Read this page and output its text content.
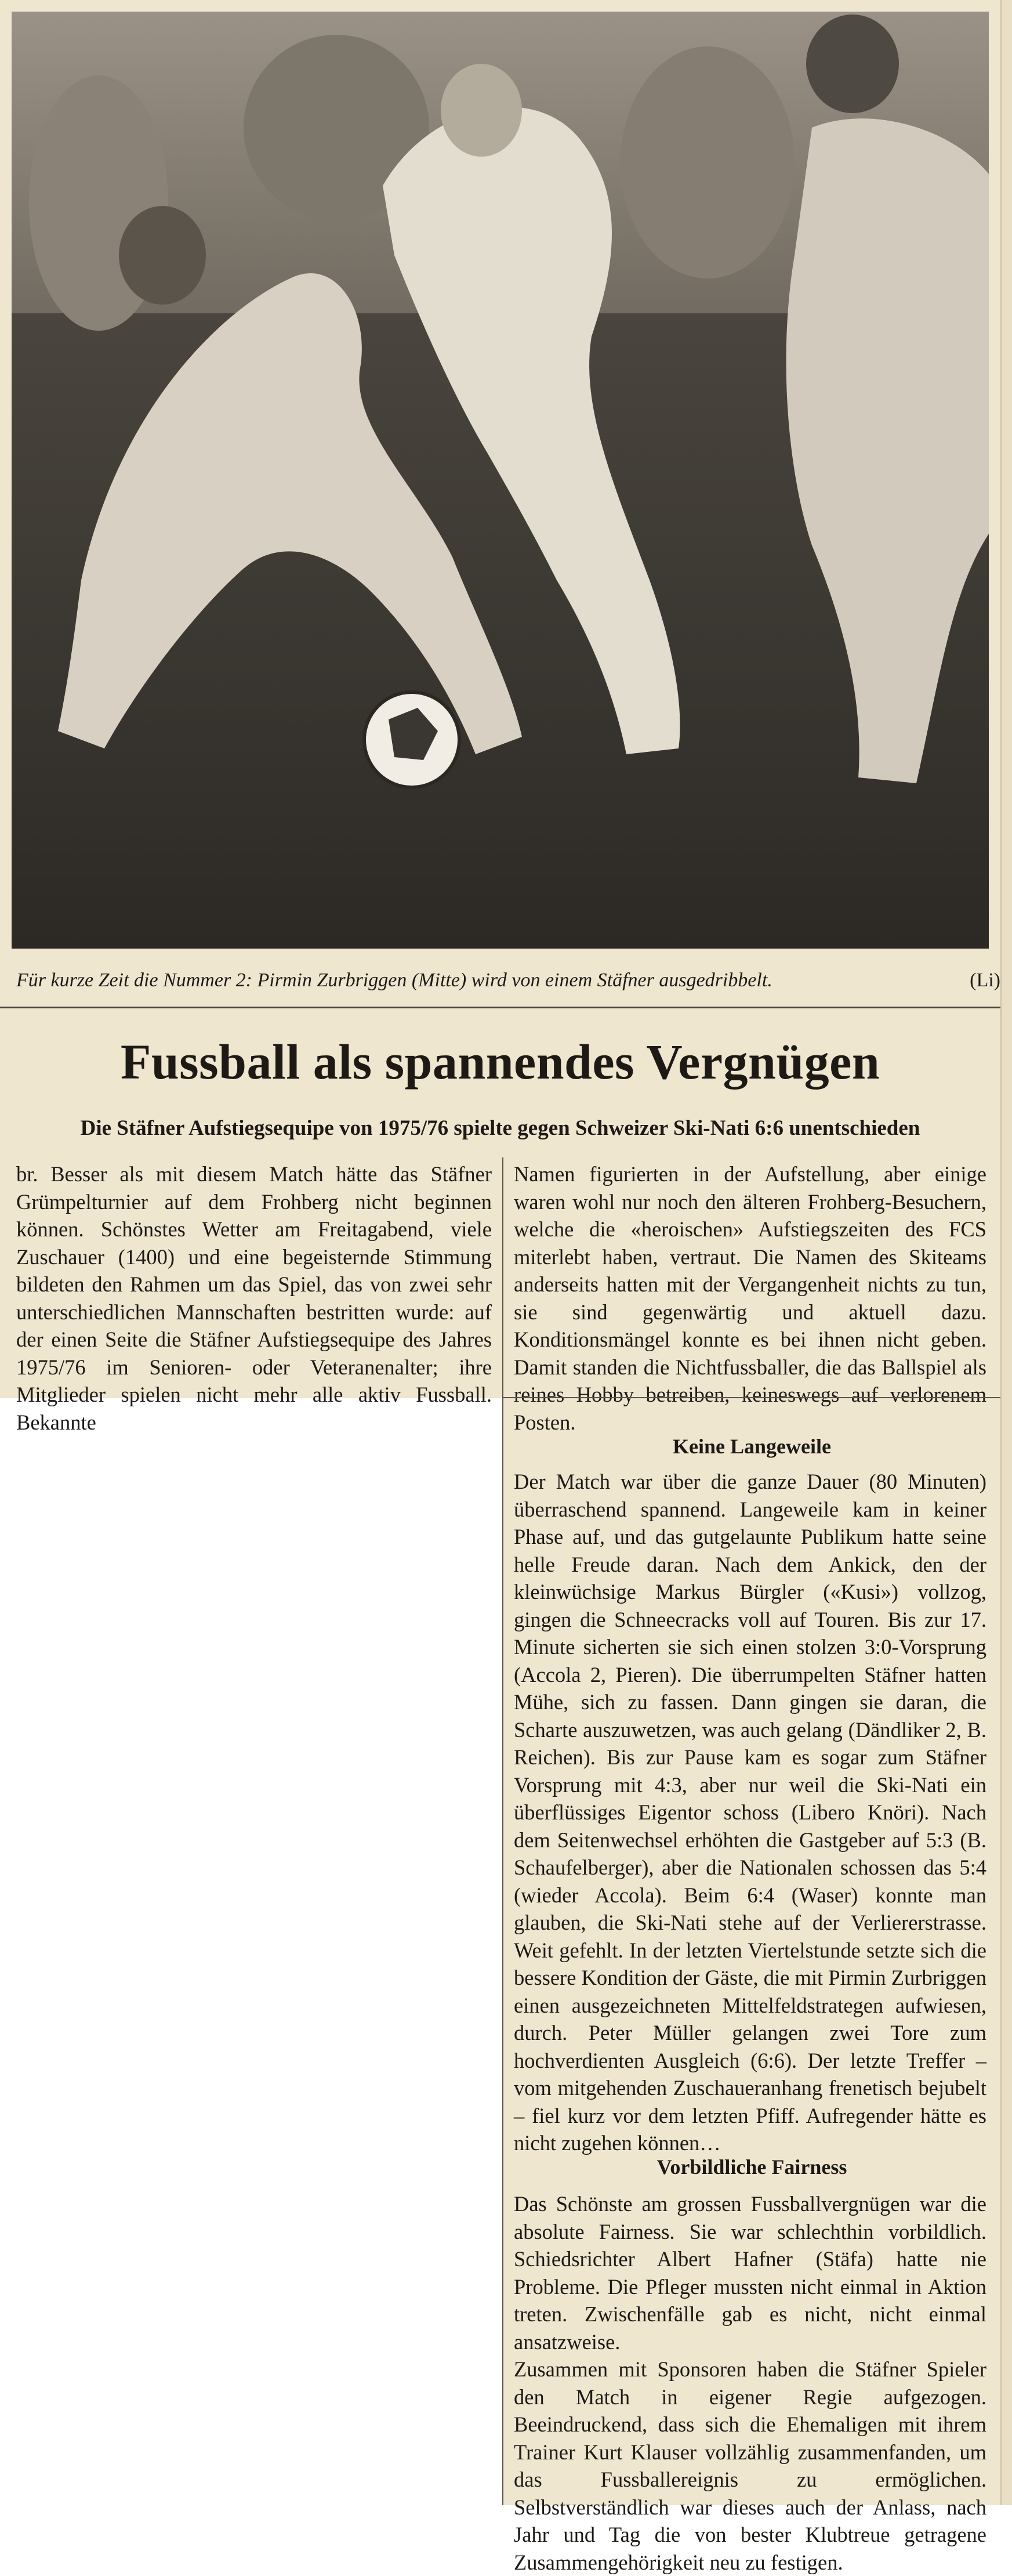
Für kurze Zeit die Nummer 2: Pirmin Zurbriggen (Mitte) wird von einem Stäfner ausgedribbelt.	(Li)
Fussball als spannendes Vergnügen
Die Stäfner Aufstiegsequipe von 1975/76 spielte gegen Schweizer Ski-Nati 6:6 unentschieden

br. Besser als mit diesem Match hätte das Stäfner Grümpelturnier auf dem Frohberg nicht beginnen können. Schönstes Wetter am Freitagabend, viele Zuschauer (1400) und eine begeisternde Stimmung bildeten den Rahmen um das Spiel, das von zwei sehr unterschiedlichen Mannschaften bestritten wurde: auf der einen Seite die Stäfner Aufstiegsequipe des Jahres 1975/76 im Senioren- oder Veteranenalter; ihre Mitglieder spielen nicht mehr alle aktiv Fussball. Bekannte

Namen figurierten in der Aufstellung, aber einige waren wohl nur noch den älteren Frohberg-Besuchern, welche die «heroischen» Aufstiegszeiten des FCS miterlebt haben, vertraut. Die Namen des Skiteams anderseits hatten mit der Vergangenheit nichts zu tun, sie sind gegenwärtig und aktuell dazu. Konditionsmängel konnte es bei ihnen nicht geben. Damit standen die Nichtfussballer, die das Ballspiel als reines Hobby betreiben, keineswegs auf verlorenem Posten.

Keine Langeweile

Der Match war über die ganze Dauer (80 Minuten) überraschend spannend. Langeweile kam in keiner Phase auf, und das gutgelaunte Publikum hatte seine helle Freude daran. Nach dem Ankick, den der kleinwüchsige Markus Bürgler («Kusi») vollzog, gingen die Schneecracks voll auf Touren. Bis zur 17. Minute sicherten sie sich einen stolzen 3:0-Vorsprung (Accola 2, Pieren). Die überrumpelten Stäfner hatten Mühe, sich zu fassen. Dann gingen sie daran, die Scharte auszuwetzen, was auch gelang (Dändliker 2, B. Reichen). Bis zur Pause kam es sogar zum Stäfner Vorsprung mit 4:3, aber nur weil die Ski-Nati ein überflüssiges Eigentor schoss (Libero Knöri). Nach dem Seitenwechsel erhöhten die Gastgeber auf 5:3 (B. Schaufelberger), aber die Nationalen schossen das 5:4 (wieder Accola). Beim 6:4 (Waser) konnte man glauben, die Ski-Nati stehe auf der Verliererstrasse. Weit gefehlt. In der letzten Viertelstunde setzte sich die bessere Kondition der Gäste, die mit Pirmin Zurbriggen einen ausgezeichneten Mittelfeldstrategen aufwiesen, durch. Peter Müller gelangen zwei Tore zum hochverdienten Ausgleich (6:6). Der letzte Treffer – vom mitgehenden Zuschaueranhang frenetisch bejubelt – fiel kurz vor dem letzten Pfiff. Aufregender hätte es nicht zugehen können…

Vorbildliche Fairness

Das Schönste am grossen Fussballvergnügen war die absolute Fairness. Sie war schlechthin vorbildlich. Schiedsrichter Albert Hafner (Stäfa) hatte nie Probleme. Die Pfleger mussten nicht einmal in Aktion treten. Zwischenfälle gab es nicht, nicht einmal ansatzweise.

Zusammen mit Sponsoren haben die Stäfner Spieler den Match in eigener Regie aufgezogen. Beeindruckend, dass sich die Ehemaligen mit ihrem Trainer Kurt Klauser vollzählig zusammenfanden, um das Fussballereignis zu ermöglichen. Selbstverständlich war dieses auch der Anlass, nach Jahr und Tag die von bester Klubtreue getragene Zusammengehörigkeit neu zu festigen.
